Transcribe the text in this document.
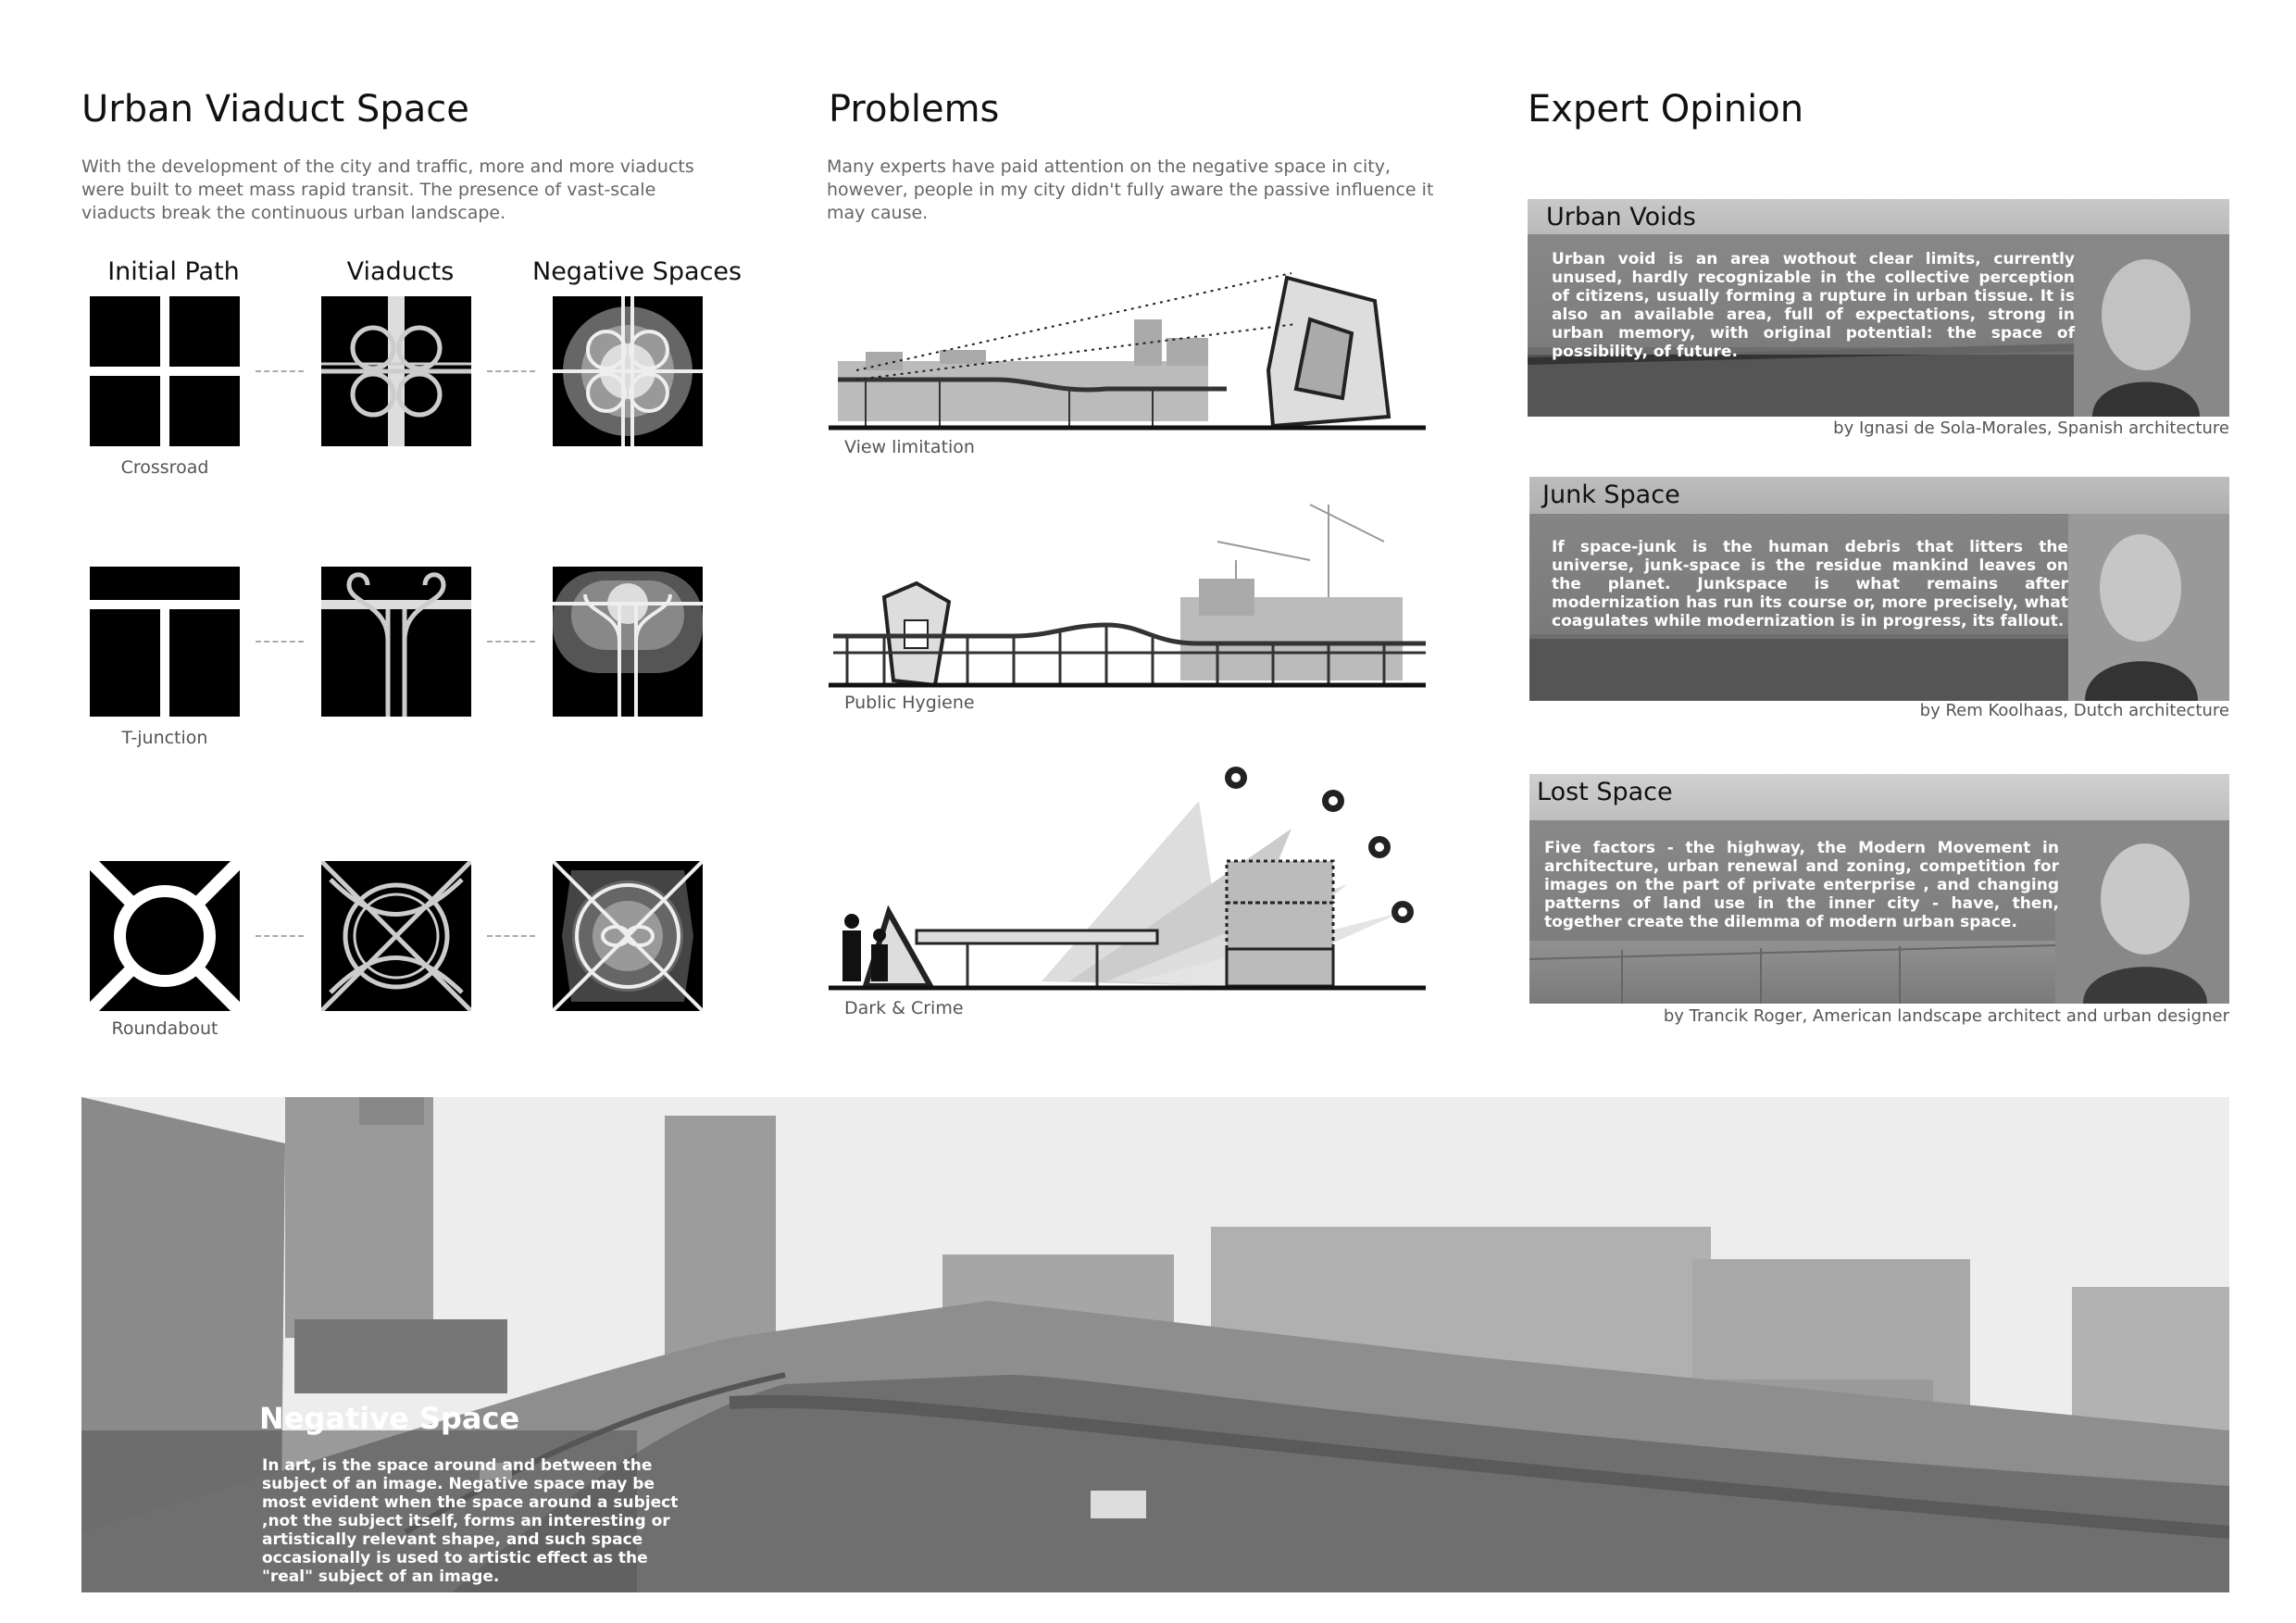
Urban Viaduct Space
With the development of the city and traffic, more and more viaducts were built to meet mass rapid transit. The presence of vast-scale viaducts break the continuous urban landscape.
Initial Path	Viaducts	Negative Spaces
Crossroad
T-junction
Roundabout
Problems
Many experts have paid attention on the negative space in city, however, people in my city didn't fully aware the passive influence it may cause.
View limitation
Public Hygiene
Dark & Crime
Expert Opinion
Urban Voids
Urban void is an area wothout clear limits, currently unused, hardly recognizable in the collective perception of citizens, usually forming a rupture in urban tissue. It is also an available area, full of expectations, strong in urban memory, with original potential: the space of possibility, of future.
by Ignasi de Sola-Morales, Spanish architecture
Junk Space
If space-junk is the human debris that litters the universe, junk-space is the residue mankind leaves on the planet. Junkspace is what remains after modernization has run its course or, more precisely, what coagulates while modernization is in progress, its fallout.
by Rem Koolhaas, Dutch architecture
Lost Space
Five factors - the highway, the Modern Movement in architecture, urban renewal and zoning, competition for images on the part of private enterprise , and changing patterns of land use in the inner city - have, then, together create the dilemma of modern urban space.
by Trancik Roger, American landscape architect and urban designer
Negative Space
In art, is the space around and between the subject of an image. Negative space may be most evident when the space around a subject ,not the subject itself, forms an interesting or artistically relevant shape, and such space occasionally is used to artistic effect as the "real" subject of an image.
